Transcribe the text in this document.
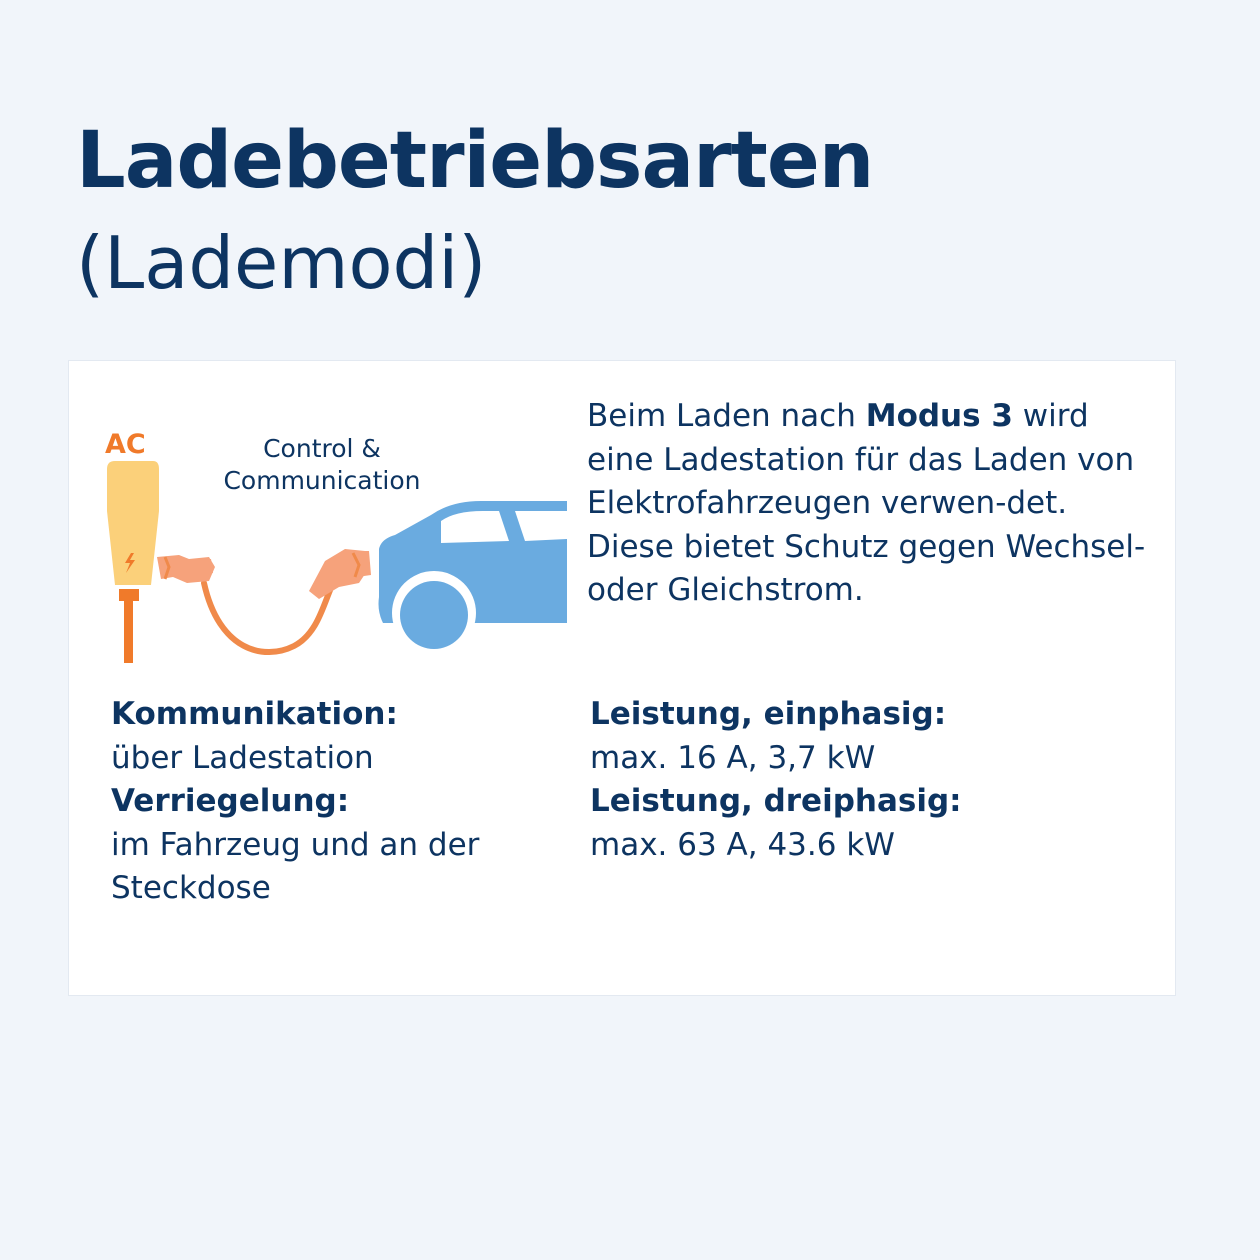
Ladebetriebsarten
(Lademodi)
AC	Control &
Communication
Beim Laden nach Modus 3 wird eine Ladestation für das Laden von Elektrofahrzeugen verwen-det. Diese bietet Schutz gegen Wechsel- oder Gleichstrom.
Kommunikation:
über Ladestation
Verriegelung:
im Fahrzeug und an der Steckdose
Leistung, einphasig:
max. 16 A, 3,7 kW
Leistung, dreiphasig:
max. 63 A, 43.6 kW
